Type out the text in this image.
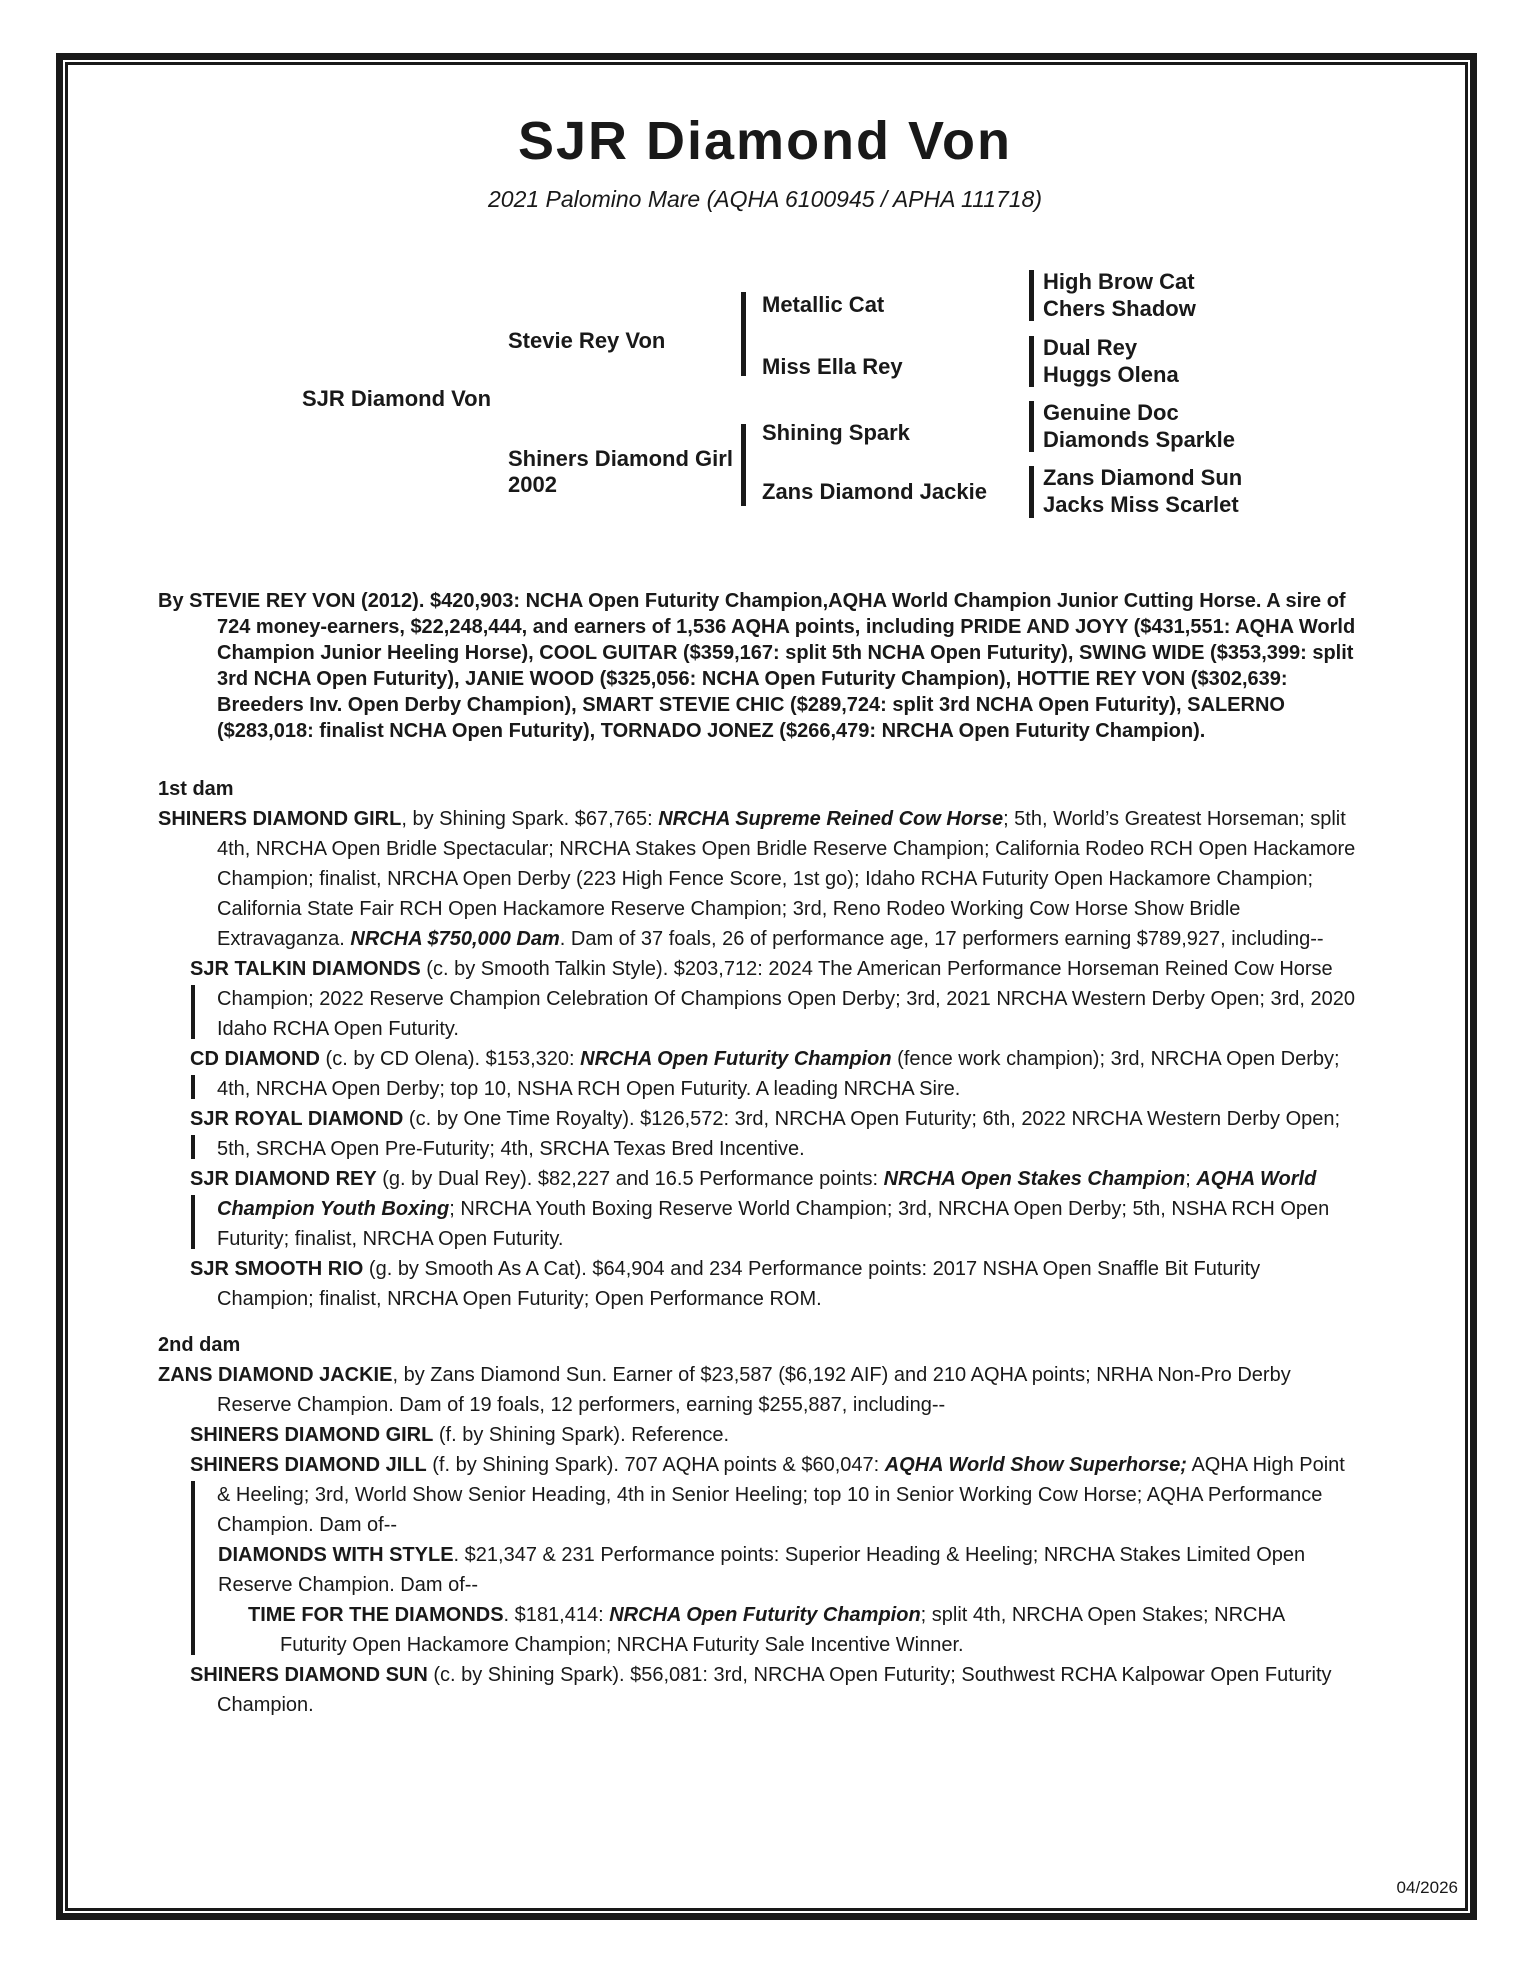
SJR Diamond Von
2021 Palomino Mare (AQHA 6100945 / APHA 111718)
SJR Diamond Von
Stevie Rey Von
Shiners Diamond Girl
2002
Metallic Cat
Miss Ella Rey
Shining Spark
Zans Diamond Jackie
High Brow Cat
Chers Shadow
Dual Rey
Huggs Olena
Genuine Doc
Diamonds Sparkle
Zans Diamond Sun
Jacks Miss Scarlet

By STEVIE REY VON (2012). $420,903: NCHA Open Futurity Champion,AQHA World Champion Junior Cutting Horse. A sire of 724 money-earners, $22,248,444, and earners of 1,536 AQHA points, including PRIDE AND JOYY ($431,551: AQHA World Champion Junior Heeling Horse), COOL GUITAR ($359,167: split 5th NCHA Open Futurity), SWING WIDE ($353,399: split 3rd NCHA Open Futurity), JANIE WOOD ($325,056: NCHA Open Futurity Champion), HOTTIE REY VON ($302,639: Breeders Inv. Open Derby Champion), SMART STEVIE CHIC ($289,724: split 3rd NCHA Open Futurity), SALERNO ($283,018: finalist NCHA Open Futurity), TORNADO JONEZ ($266,479: NRCHA Open Futurity Champion).

1st dam

SHINERS DIAMOND GIRL, by Shining Spark. $67,765: NRCHA Supreme Reined Cow Horse; 5th, World’s Greatest Horseman; split 4th, NRCHA Open Bridle Spectacular; NRCHA Stakes Open Bridle Reserve Champion; California Rodeo RCH Open Hackamore Champion; finalist, NRCHA Open Derby (223 High Fence Score, 1st go); Idaho RCHA Futurity Open Hackamore Champion; California State Fair RCH Open Hackamore Reserve Champion; 3rd, Reno Rodeo Working Cow Horse Show Bridle Extravaganza. NRCHA $750,000 Dam. Dam of 37 foals, 26 of performance age, 17 performers earning $789,927, including--

SJR TALKIN DIAMONDS (c. by Smooth Talkin Style). $203,712: 2024 The American Performance Horseman Reined Cow Horse Champion; 2022 Reserve Champion Celebration Of Champions Open Derby; 3rd, 2021 NRCHA Western Derby Open; 3rd, 2020 Idaho RCHA Open Futurity.

CD DIAMOND (c. by CD Olena). $153,320: NRCHA Open Futurity Champion (fence work champion); 3rd, NRCHA Open Derby; 4th, NRCHA Open Derby; top 10, NSHA RCH Open Futurity. A leading NRCHA Sire.

SJR ROYAL DIAMOND (c. by One Time Royalty). $126,572: 3rd, NRCHA Open Futurity; 6th, 2022 NRCHA Western Derby Open; 5th, SRCHA Open Pre-Futurity; 4th, SRCHA Texas Bred Incentive.

SJR DIAMOND REY (g. by Dual Rey). $82,227 and 16.5 Performance points: NRCHA Open Stakes Champion; AQHA World Champion Youth Boxing; NRCHA Youth Boxing Reserve World Champion; 3rd, NRCHA Open Derby; 5th, NSHA RCH Open Futurity; finalist, NRCHA Open Futurity.

SJR SMOOTH RIO (g. by Smooth As A Cat). $64,904 and 234 Performance points: 2017 NSHA Open Snaffle Bit Futurity Champion; finalist, NRCHA Open Futurity; Open Performance ROM.

2nd dam

ZANS DIAMOND JACKIE, by Zans Diamond Sun. Earner of $23,587 ($6,192 AIF) and 210 AQHA points; NRHA Non-Pro Derby Reserve Champion. Dam of 19 foals, 12 performers, earning $255,887, including--

SHINERS DIAMOND GIRL (f. by Shining Spark). Reference.

SHINERS DIAMOND JILL (f. by Shining Spark). 707 AQHA points & $60,047: AQHA World Show Superhorse; AQHA High Point & Heeling; 3rd, World Show Senior Heading, 4th in Senior Heeling; top 10 in Senior Working Cow Horse; AQHA Performance Champion. Dam of--

DIAMONDS WITH STYLE. $21,347 & 231 Performance points: Superior Heading & Heeling; NRCHA Stakes Limited Open Reserve Champion. Dam of--

TIME FOR THE DIAMONDS. $181,414: NRCHA Open Futurity Champion; split 4th, NRCHA Open Stakes; NRCHA Futurity Open Hackamore Champion; NRCHA Futurity Sale Incentive Winner.

SHINERS DIAMOND SUN (c. by Shining Spark). $56,081: 3rd, NRCHA Open Futurity; Southwest RCHA Kalpowar Open Futurity Champion.

04/2026
